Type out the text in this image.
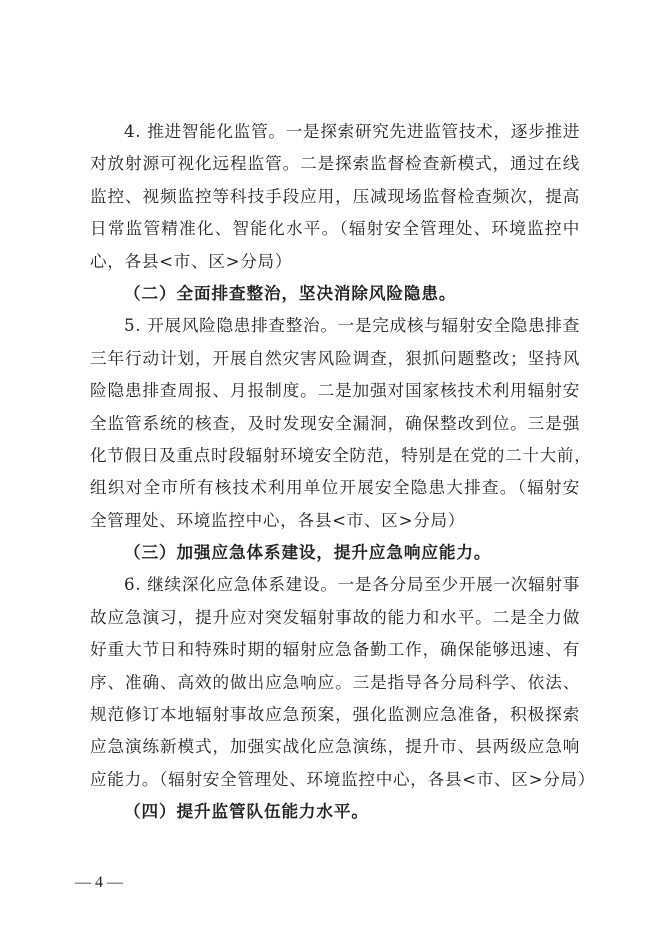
4. 推进智能化监管。一是探索研究先进监管技术，逐步推进
对放射源可视化远程监管。二是探索监督检查新模式，通过在线
监控、视频监控等科技手段应用，压减现场监督检查频次，提高
日常监管精准化、智能化水平。（辐射安全管理处、环境监控中
心，各县<市、区>分局）
（二）全面排查整治，坚决消除风险隐患。
5. 开展风险隐患排查整治。一是完成核与辐射安全隐患排查
三年行动计划，开展自然灾害风险调查，狠抓问题整改；坚持风
险隐患排查周报、月报制度。二是加强对国家核技术利用辐射安
全监管系统的核查，及时发现安全漏洞，确保整改到位。三是强
化节假日及重点时段辐射环境安全防范，特别是在党的二十大前，
组织对全市所有核技术利用单位开展安全隐患大排查。（辐射安
全管理处、环境监控中心，各县<市、区>分局）
（三）加强应急体系建设，提升应急响应能力。
6. 继续深化应急体系建设。一是各分局至少开展一次辐射事
故应急演习，提升应对突发辐射事故的能力和水平。二是全力做
好重大节日和特殊时期的辐射应急备勤工作，确保能够迅速、有
序、准确、高效的做出应急响应。三是指导各分局科学、依法、
规范修订本地辐射事故应急预案，强化监测应急准备，积极探索
应急演练新模式，加强实战化应急演练，提升市、县两级应急响
应能力。（辐射安全管理处、环境监控中心，各县<市、区>分局）
（四）提升监管队伍能力水平。
— 4 —
